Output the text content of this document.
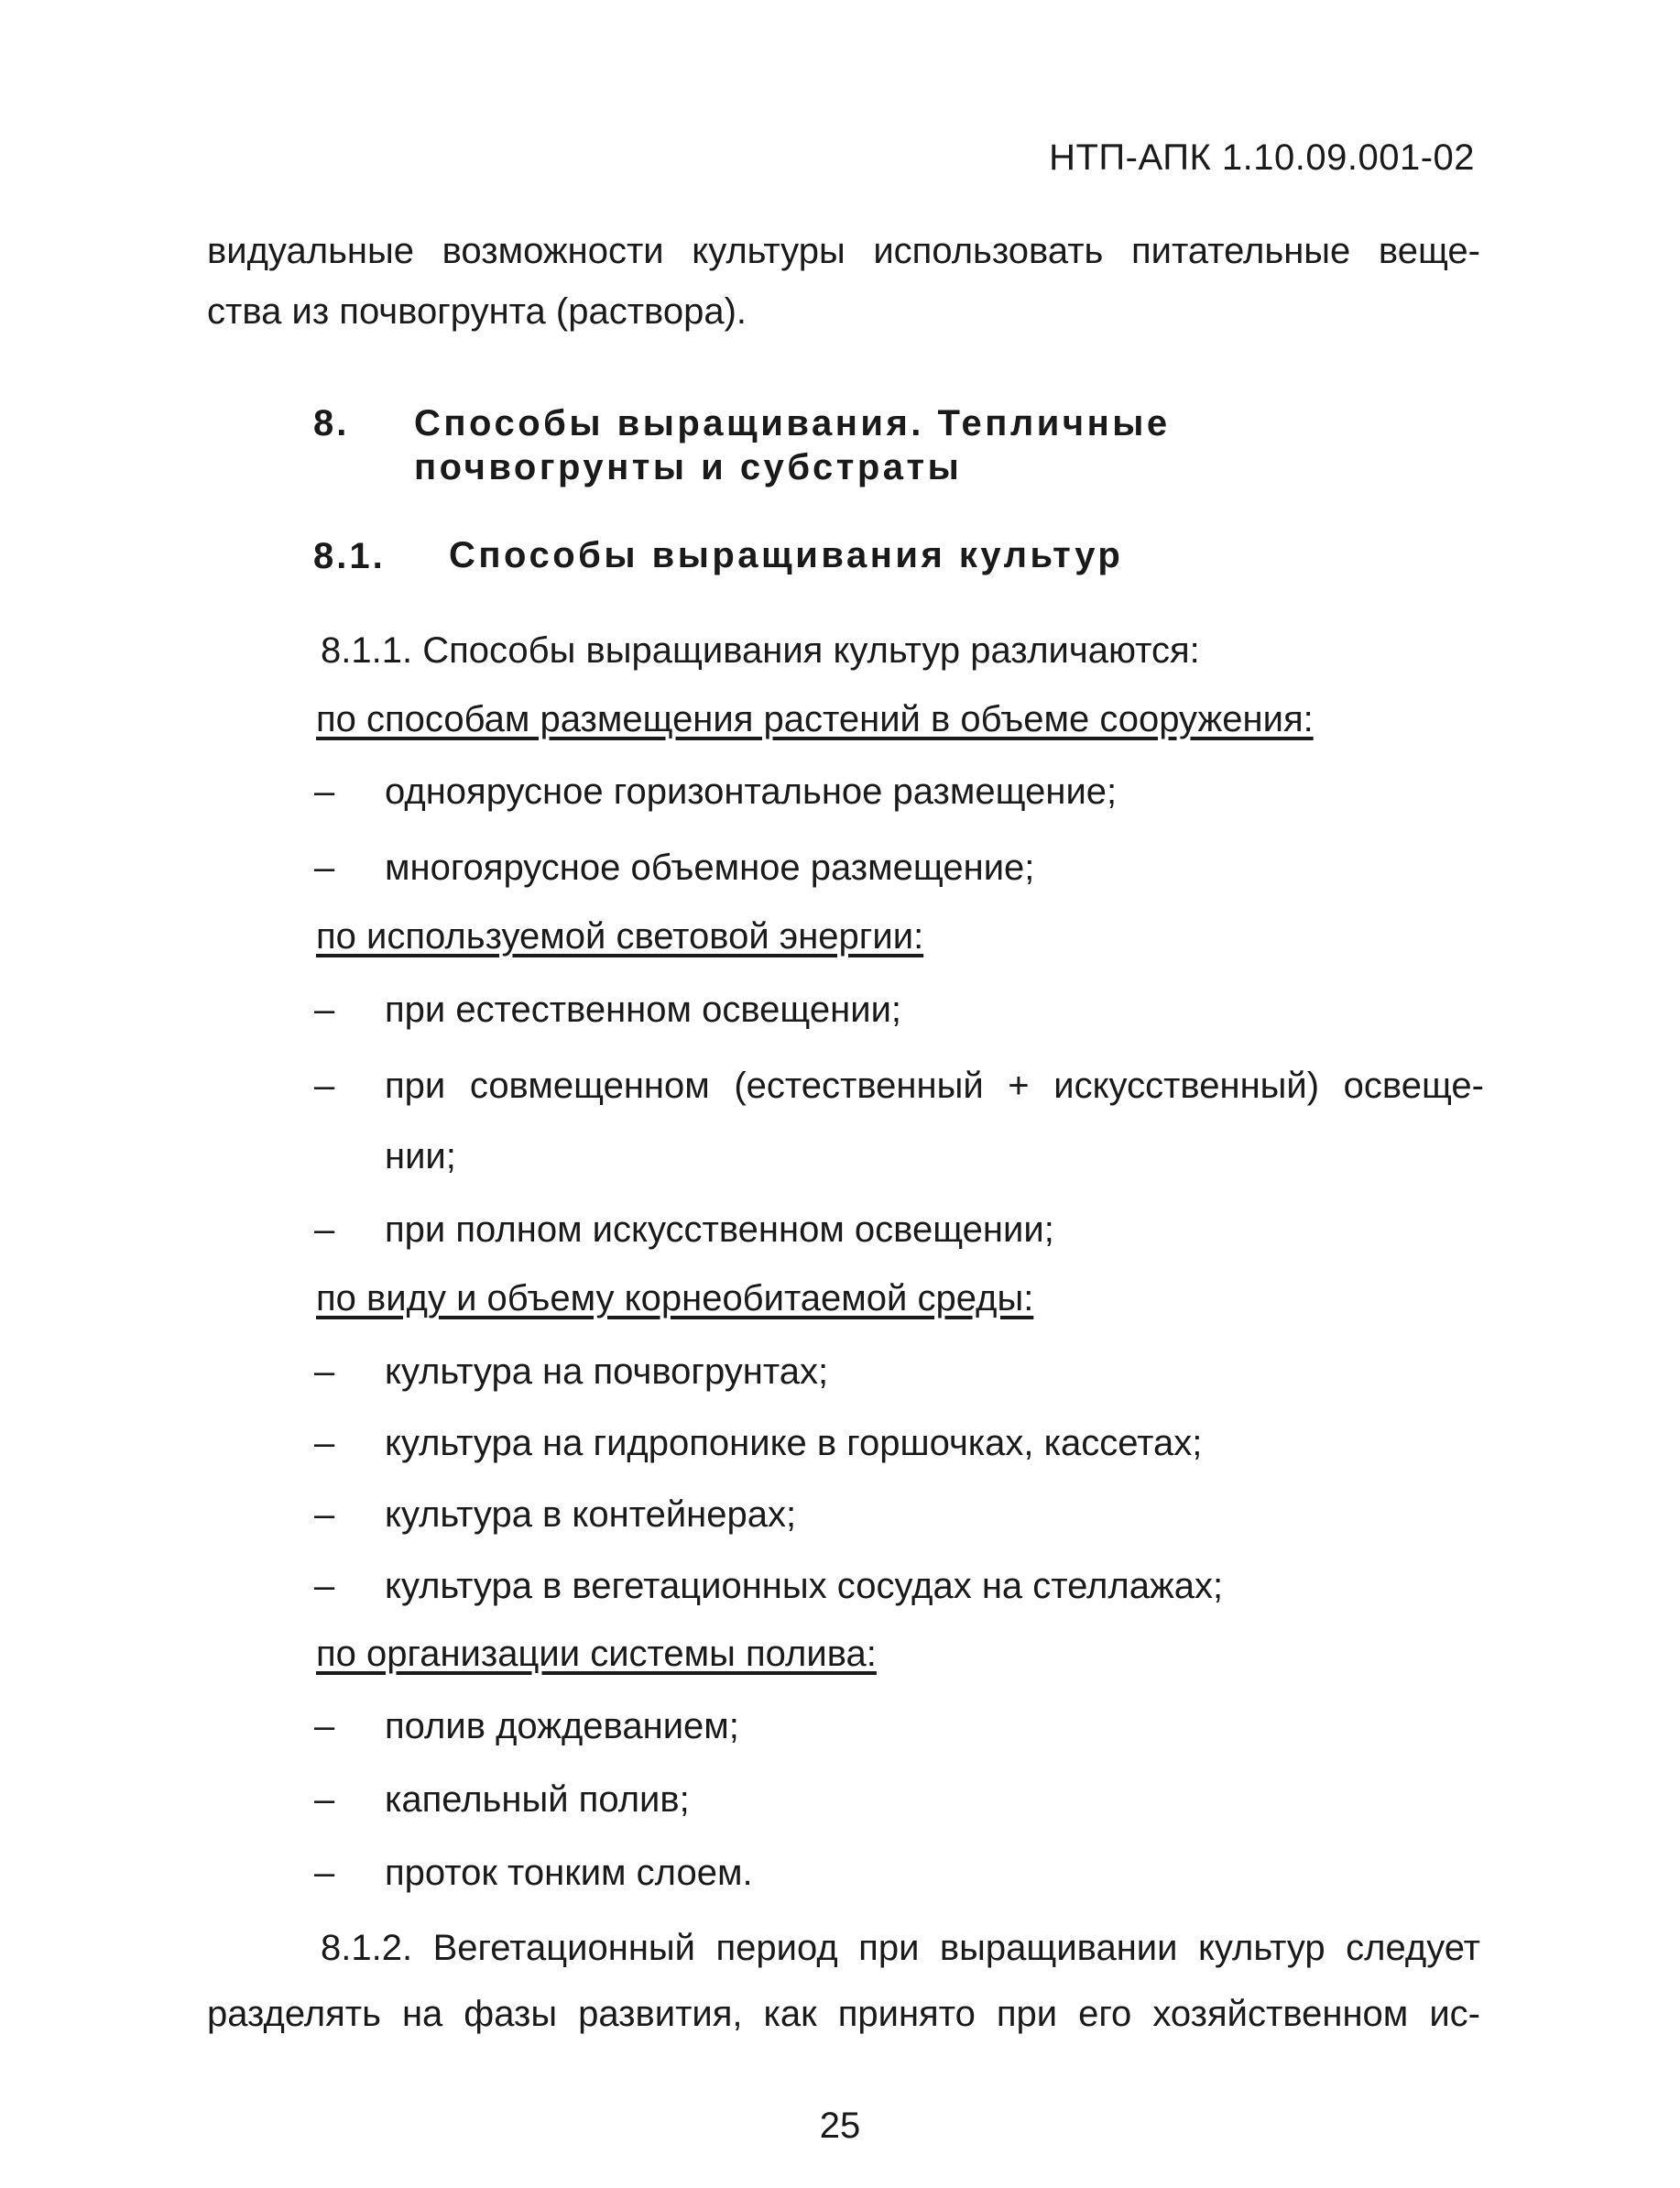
НТП-АПК 1.10.09.001-02
видуальные возможности культуры использовать питательные веще-
ства из почвогрунта (раствора).
8. Способы выращивания. Тепличные
почвогрунты и субстраты
8.1. Способы выращивания культур
8.1.1. Способы выращивания культур различаются:
по способам размещения растений в объеме сооружения:
– одноярусное горизонтальное размещение;
– многоярусное объемное размещение;
по используемой световой энергии:
– при естественном освещении;
– при совмещенном (естественный + искусственный) освеще-
нии;
– при полном искусственном освещении;
по виду и объему корнеобитаемой среды:
– культура на почвогрунтах;
– культура на гидропонике в горшочках, кассетах;
– культура в контейнерах;
– культура в вегетационных сосудах на стеллажах;
по организации системы полива:
– полив дождеванием;
– капельный полив;
– проток тонким слоем.
8.1.2. Вегетационный период при выращивании культур следует
разделять на фазы развития, как принято при его хозяйственном ис-
25
